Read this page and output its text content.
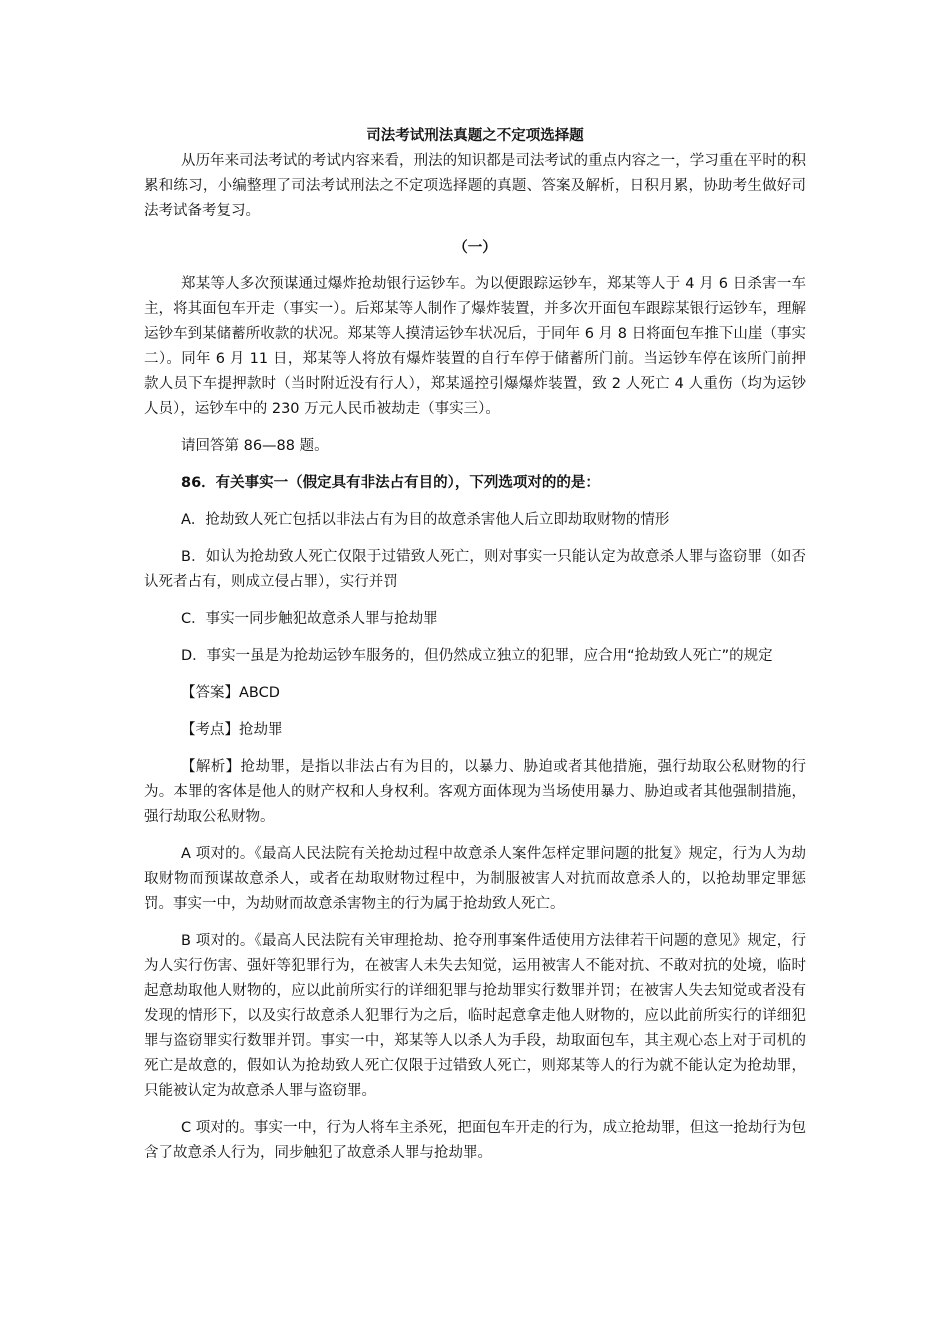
司法考试刑法真题之不定项选择题

从历年来司法考试的考试内容来看，刑法的知识都是司法考试的重点内容之一，学习重在平时的积累和练习，小编整理了司法考试刑法之不定项选择题的真题、答案及解析，日积月累，协助考生做好司法考试备考复习。

（一）

郑某等人多次预谋通过爆炸抢劫银行运钞车。为以便跟踪运钞车，郑某等人于 4 月 6 日杀害一车主，将其面包车开走（事实一）。后郑某等人制作了爆炸装置，并多次开面包车跟踪某银行运钞车，理解运钞车到某储蓄所收款的状况。郑某等人摸清运钞车状况后，于同年 6 月 8 日将面包车推下山崖（事实二）。同年 6 月 11 日，郑某等人将放有爆炸装置的自行车停于储蓄所门前。当运钞车停在该所门前押款人员下车提押款时（当时附近没有行人），郑某遥控引爆爆炸装置，致 2 人死亡 4 人重伤（均为运钞人员），运钞车中的 230 万元人民币被劫走（事实三）。

请回答第 86—88 题。

86．有关事实一（假定具有非法占有目的），下列选项对的的是：

A．抢劫致人死亡包括以非法占有为目的故意杀害他人后立即劫取财物的情形

B．如认为抢劫致人死亡仅限于过错致人死亡，则对事实一只能认定为故意杀人罪与盗窃罪（如否认死者占有，则成立侵占罪），实行并罚

C．事实一同步触犯故意杀人罪与抢劫罪

D．事实一虽是为抢劫运钞车服务的，但仍然成立独立的犯罪，应合用“抢劫致人死亡”的规定

【答案】ABCD

【考点】抢劫罪

【解析】抢劫罪，是指以非法占有为目的，以暴力、胁迫或者其他措施，强行劫取公私财物的行为。本罪的客体是他人的财产权和人身权利。客观方面体现为当场使用暴力、胁迫或者其他强制措施，强行劫取公私财物。

A 项对的。《最高人民法院有关抢劫过程中故意杀人案件怎样定罪问题的批复》规定，行为人为劫取财物而预谋故意杀人，或者在劫取财物过程中，为制服被害人对抗而故意杀人的，以抢劫罪定罪惩罚。事实一中，为劫财而故意杀害物主的行为属于抢劫致人死亡。

B 项对的。《最高人民法院有关审理抢劫、抢夺刑事案件适使用方法律若干问题的意见》规定，行为人实行伤害、强奸等犯罪行为，在被害人未失去知觉，运用被害人不能对抗、不敢对抗的处境，临时起意劫取他人财物的，应以此前所实行的详细犯罪与抢劫罪实行数罪并罚；在被害人失去知觉或者没有发现的情形下，以及实行故意杀人犯罪行为之后，临时起意拿走他人财物的，应以此前所实行的详细犯罪与盗窃罪实行数罪并罚。事实一中，郑某等人以杀人为手段，劫取面包车，其主观心态上对于司机的死亡是故意的，假如认为抢劫致人死亡仅限于过错致人死亡，则郑某等人的行为就不能认定为抢劫罪，只能被认定为故意杀人罪与盗窃罪。

C 项对的。事实一中，行为人将车主杀死，把面包车开走的行为，成立抢劫罪，但这一抢劫行为包含了故意杀人行为，同步触犯了故意杀人罪与抢劫罪。
